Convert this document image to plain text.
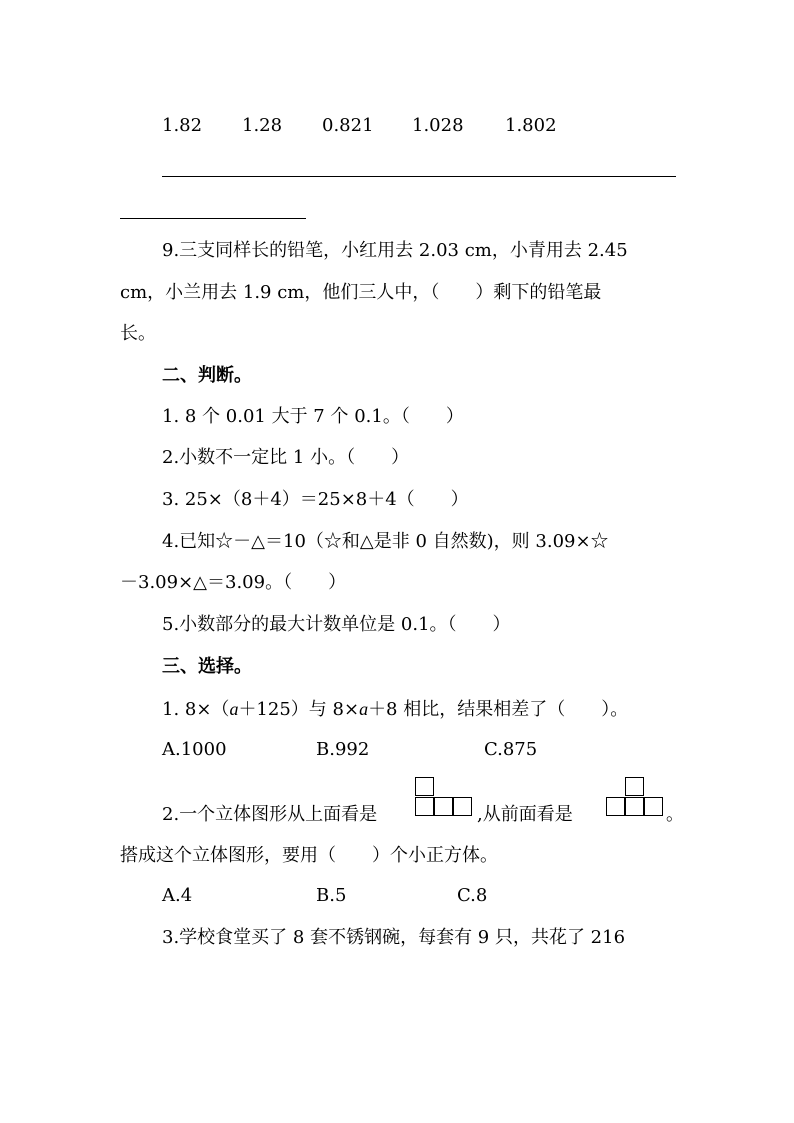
1.82 1.28 0.821 1.028 1.802
9.三支同样长的铅笔，小红用去 2.03 cm，小青用去 2.45
cm，小兰用去 1.9 cm，他们三人中，（　　）剩下的铅笔最
长。
二、判断。
1. 8 个 0.01 大于 7 个 0.1。（　　）
2.小数不一定比 1 小。（　　）
3. 25×（8＋4）＝25×8＋4（　　）
4.已知☆－△＝10（☆和△是非 0 自然数)，则 3.09×☆
－3.09×△＝3.09。（　　）
5.小数部分的最大计数单位是 0.1。（　　）
三、选择。
1. 8×（a＋125）与 8×a＋8 相比，结果相差了（　　）。
A.1000	B.992	C.875
2.一个立体图形从上面看是	,从前面看是	。
搭成这个立体图形，要用（　　）个小正方体。
A.4	B.5	C.8
3.学校食堂买了 8 套不锈钢碗，每套有 9 只，共花了 216
